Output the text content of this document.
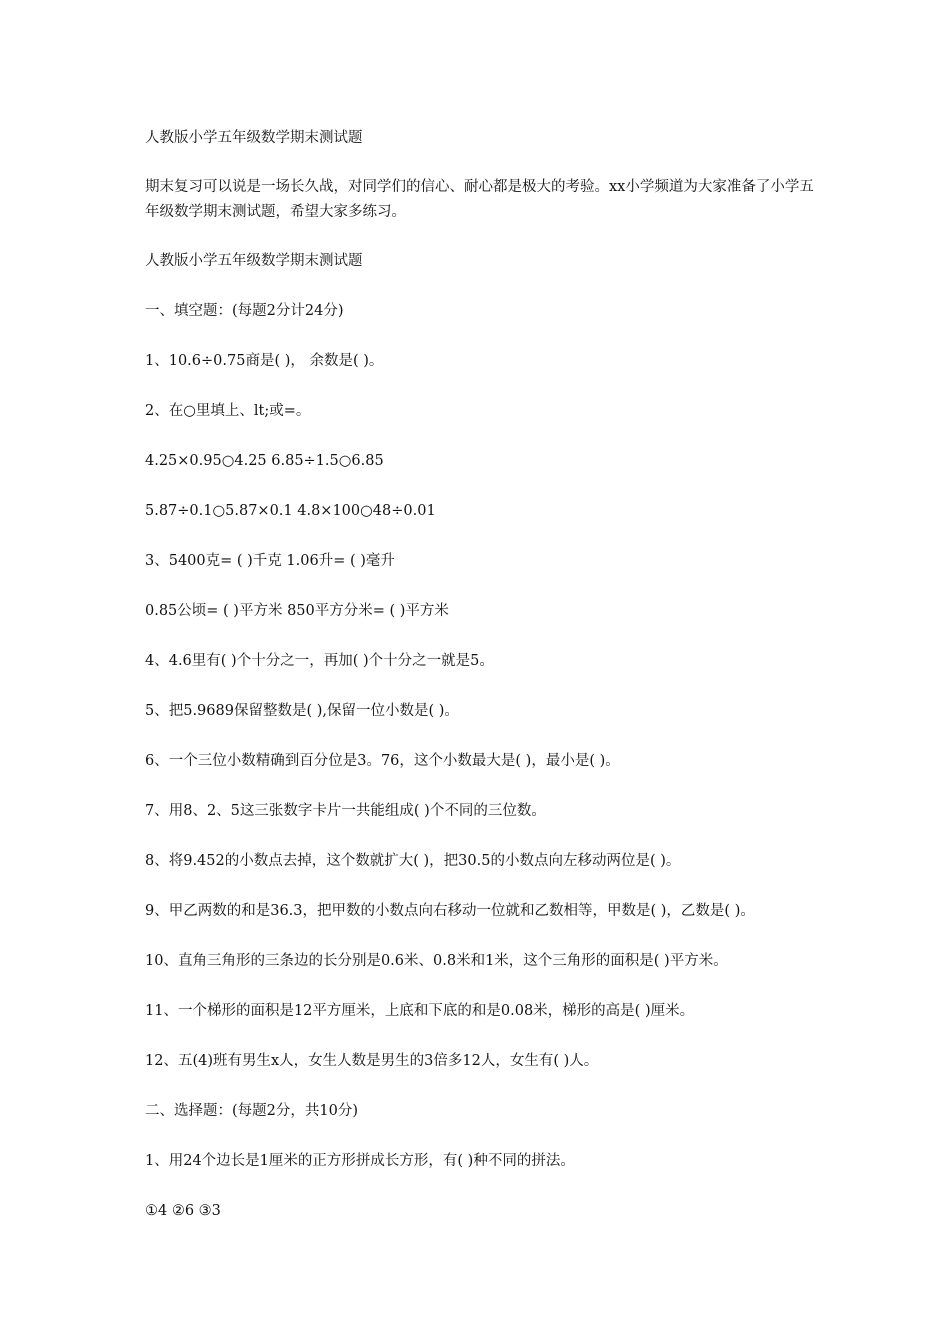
人教版小学五年级数学期末测试题

期末复习可以说是一场长久战，对同学们的信心、耐心都是极大的考验。xx小学频道为大家准备了小学五年级数学期末测试题，希望大家多练习。

人教版小学五年级数学期末测试题

一、填空题：(每题2分计24分)

1、10.6÷0.75商是( )， 余数是( )。

2、在○里填上、lt;或=。

4.25×0.95○4.25 6.85÷1.5○6.85

5.87÷0.1○5.87×0.1 4.8×100○48÷0.01

3、5400克= ( )千克 1.06升= ( )毫升

0.85公顷= ( )平方米 850平方分米= ( )平方米

4、4.6里有( )个十分之一，再加( )个十分之一就是5。

5、把5.9689保留整数是( ),保留一位小数是( )。

6、一个三位小数精确到百分位是3。76，这个小数最大是( )，最小是( )。

7、用8、2、5这三张数字卡片一共能组成( )个不同的三位数。

8、将9.452的小数点去掉，这个数就扩大( )，把30.5的小数点向左移动两位是( )。

9、甲乙两数的和是36.3，把甲数的小数点向右移动一位就和乙数相等，甲数是( )，乙数是( )。

10、直角三角形的三条边的长分别是0.6米、0.8米和1米，这个三角形的面积是( )平方米。

11、一个梯形的面积是12平方厘米，上底和下底的和是0.08米，梯形的高是( )厘米。

12、五(4)班有男生x人，女生人数是男生的3倍多12人，女生有( )人。

二、选择题：(每题2分，共10分)

1、用24个边长是1厘米的正方形拼成长方形，有( )种不同的拼法。

①4 ②6 ③3
